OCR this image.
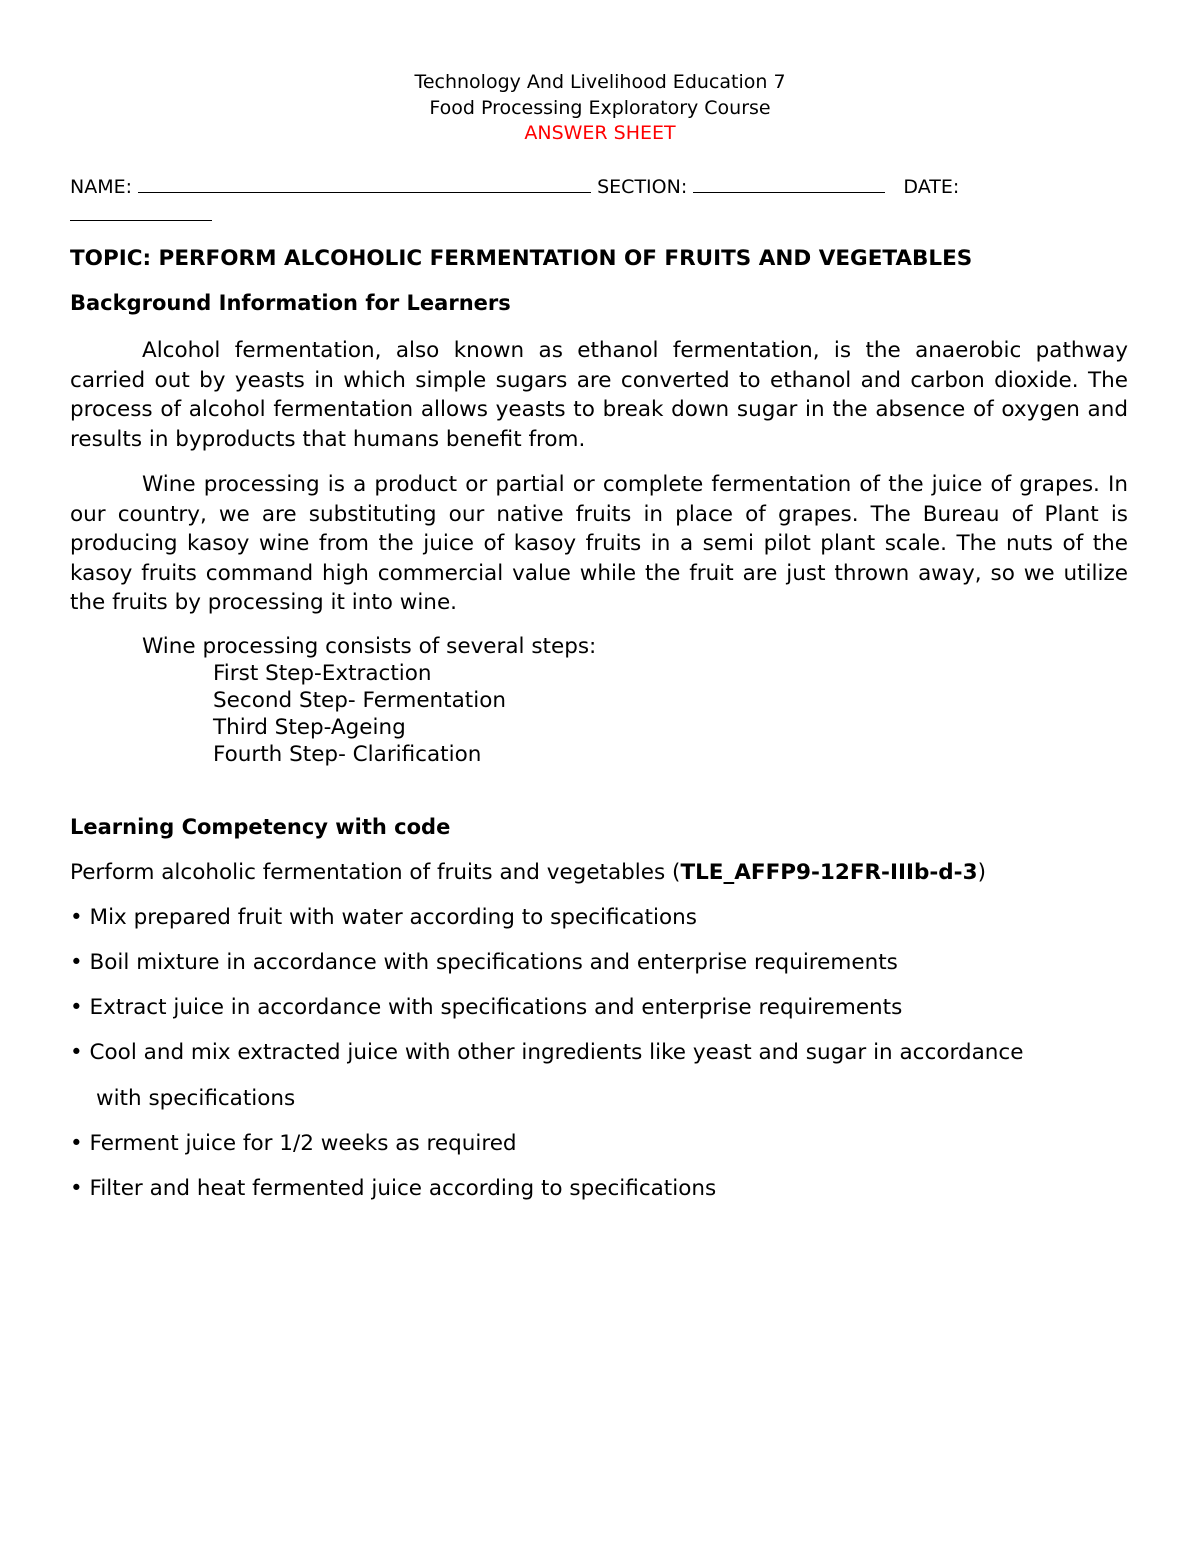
Technology And Livelihood Education 7
Food Processing Exploratory Course
ANSWER SHEET
NAME:	SECTION:	DATE:
TOPIC: PERFORM ALCOHOLIC FERMENTATION OF FRUITS AND VEGETABLES
Background Information for Learners

Alcohol fermentation, also known as ethanol fermentation, is the anaerobic pathway carried out by yeasts in which simple sugars are converted to ethanol and carbon dioxide. The process of alcohol fermentation allows yeasts to break down sugar in the absence of oxygen and results in byproducts that humans benefit from.

Wine processing is a product or partial or complete fermentation of the juice of grapes. In our country, we are substituting our native fruits in place of grapes. The Bureau of Plant is producing kasoy wine from the juice of kasoy fruits in a semi pilot plant scale. The nuts of the kasoy fruits command high commercial value while the fruit are just thrown away, so we utilize the fruits by processing it into wine.

Wine processing consists of several steps:
First Step-Extraction
Second Step- Fermentation
Third Step-Ageing
Fourth Step- Clarification
Learning Competency with code
Perform alcoholic fermentation of fruits and vegetables (TLE_AFFP9-12FR-IIIb-d-3)
• Mix prepared fruit with water according to specifications
• Boil mixture in accordance with specifications and enterprise requirements
• Extract juice in accordance with specifications and enterprise requirements
• Cool and mix extracted juice with other ingredients like yeast and sugar in accordance
with specifications
• Ferment juice for 1/2 weeks as required
• Filter and heat fermented juice according to specifications
